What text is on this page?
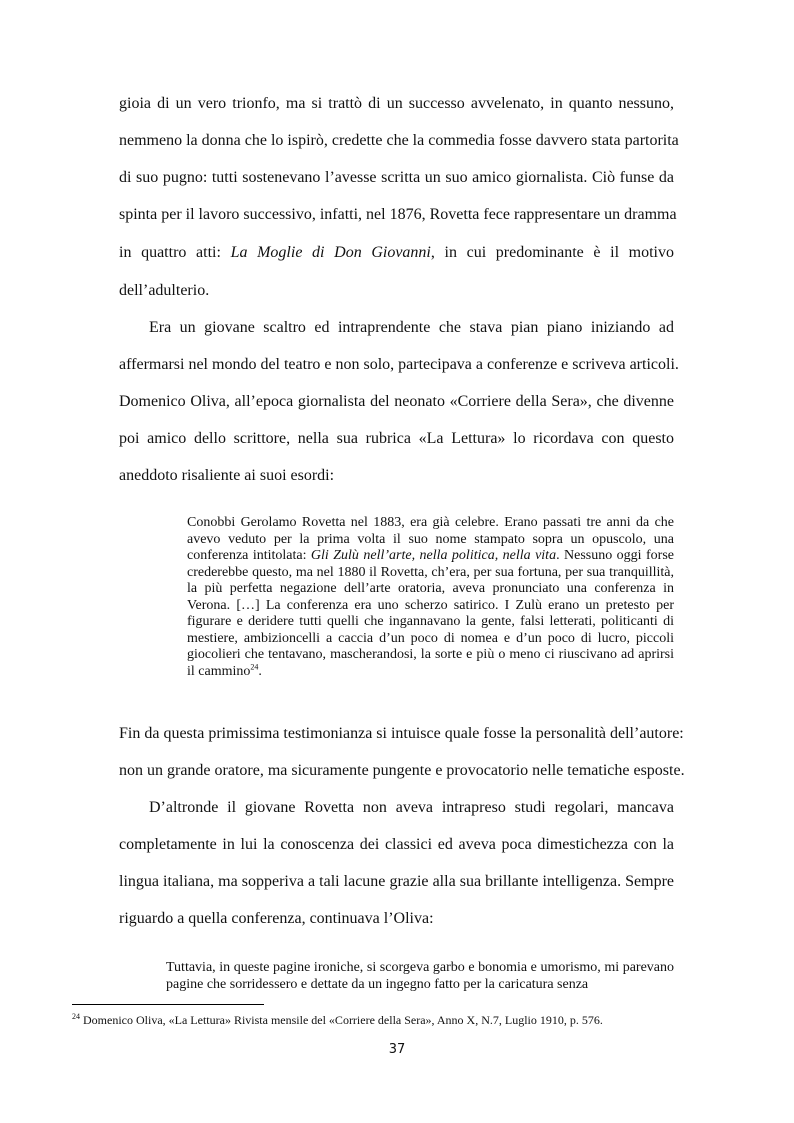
gioia di un vero trionfo, ma si trattò di un successo avvelenato, in quanto nessuno,
nemmeno la donna che lo ispirò, credette che la commedia fosse davvero stata partorita
di suo pugno: tutti sostenevano l’avesse scritta un suo amico giornalista. Ciò funse da
spinta per il lavoro successivo, infatti, nel 1876, Rovetta fece rappresentare un dramma
in quattro atti: La Moglie di Don Giovanni, in cui predominante è il motivo
dell’adulterio.
Era un giovane scaltro ed intraprendente che stava pian piano iniziando ad
affermarsi nel mondo del teatro e non solo, partecipava a conferenze e scriveva articoli.
Domenico Oliva, all’epoca giornalista del neonato «Corriere della Sera», che divenne
poi amico dello scrittore, nella sua rubrica «La Lettura» lo ricordava con questo
aneddoto risaliente ai suoi esordi:

Conobbi Gerolamo Rovetta nel 1883, era già celebre. Erano passati tre anni da che avevo veduto per la prima volta il suo nome stampato sopra un opuscolo, una conferenza intitolata: Gli Zulù nell’arte, nella politica, nella vita. Nessuno oggi forse crederebbe questo, ma nel 1880 il Rovetta, ch’era, per sua fortuna, per sua tranquillità, la più perfetta negazione dell’arte oratoria, aveva pronunciato una conferenza in Verona. […] La conferenza era uno scherzo satirico. I Zulù erano un pretesto per figurare e deridere tutti quelli che ingannavano la gente, falsi letterati, politicanti di mestiere, ambizioncelli a caccia d’un poco di nomea e d’un poco di lucro, piccoli giocolieri che tentavano, mascherandosi, la sorte e più o meno ci riuscivano ad aprirsi il cammino$^{24}$.

Fin da questa primissima testimonianza si intuisce quale fosse la personalità dell’autore:
non un grande oratore, ma sicuramente pungente e provocatorio nelle tematiche esposte.
D’altronde il giovane Rovetta non aveva intrapreso studi regolari, mancava
completamente in lui la conoscenza dei classici ed aveva poca dimestichezza con la
lingua italiana, ma sopperiva a tali lacune grazie alla sua brillante intelligenza. Sempre
riguardo a quella conferenza, continuava l’Oliva:

Tuttavia, in queste pagine ironiche, si scorgeva garbo e bonomia e umorismo, mi parevano pagine che sorridessero e dettate da un ingegno fatto per la caricatura senza

$^{24}$ Domenico Oliva, «La Lettura» Rivista mensile del «Corriere della Sera», Anno X, N.7, Luglio 1910, p. 576.
37
